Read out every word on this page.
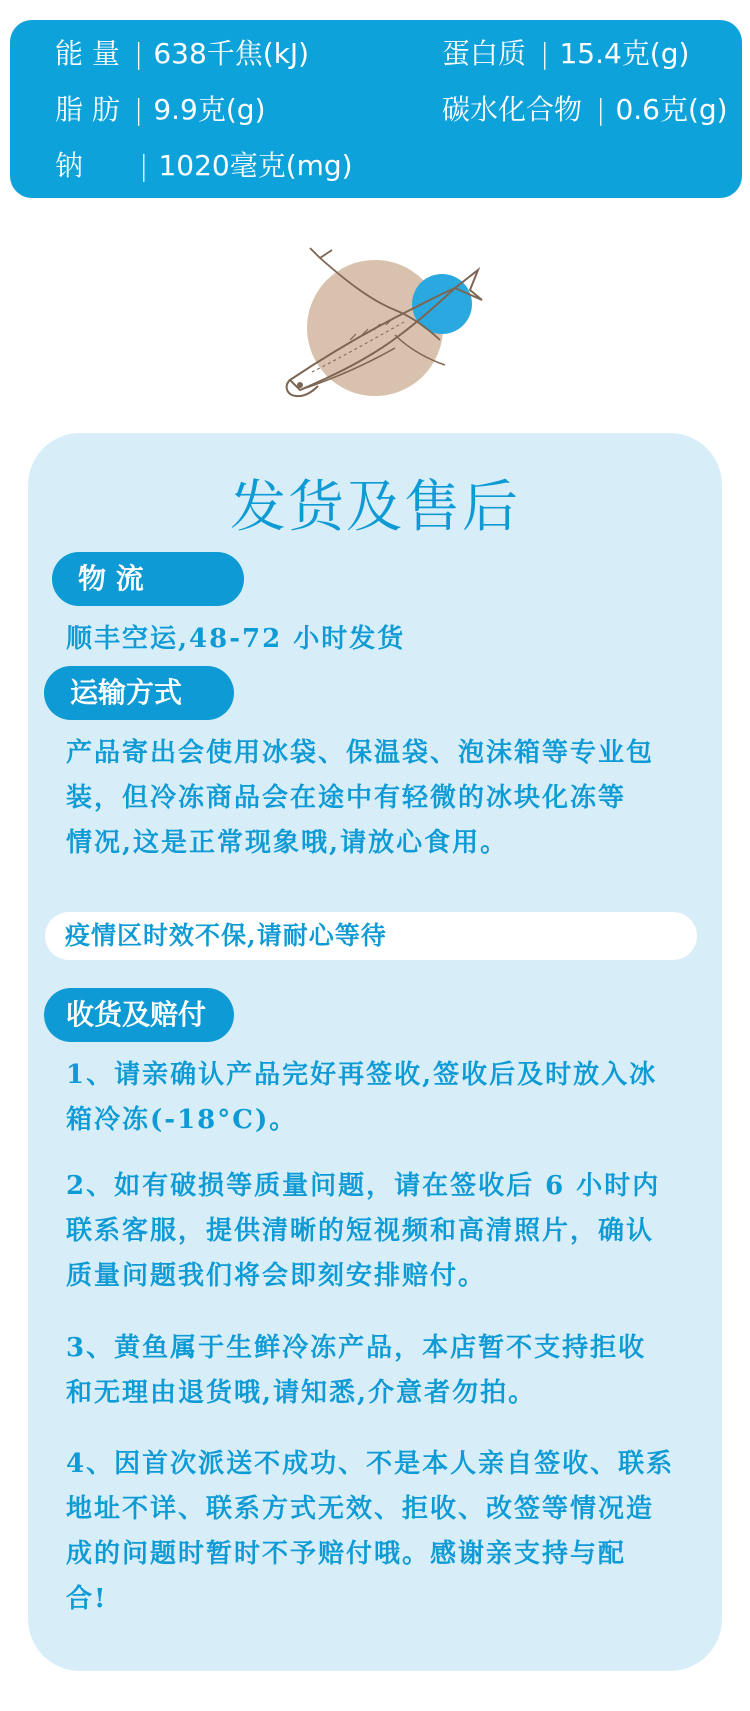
能 量 | 638千焦(kJ)	蛋白质 | 15.4克(g)
脂 肪 | 9.9克(g)	碳水化合物 | 0.6克(g)
钠 | 1020毫克(mg)
发货及售后
物 流
顺丰空运,48-72 小时发货
运输方式
产品寄出会使用冰袋、保温袋、泡沫箱等专业包
装，但冷冻商品会在途中有轻微的冰块化冻等
情况,这是正常现象哦,请放心食用。
收货及赔付
1、请亲确认产品完好再签收,签收后及时放入冰
箱冷冻(-18°C)。
2、如有破损等质量问题，请在签收后 6 小时内
联系客服，提供清晰的短视频和高清照片，确认
质量问题我们将会即刻安排赔付。
3、黄鱼属于生鲜冷冻产品，本店暂不支持拒收
和无理由退货哦,请知悉,介意者勿拍。
4、因首次派送不成功、不是本人亲自签收、联系
地址不详、联系方式无效、拒收、改签等情况造
成的问题时暂时不予赔付哦。感谢亲支持与配
合!
疫情区时效不保,请耐心等待
